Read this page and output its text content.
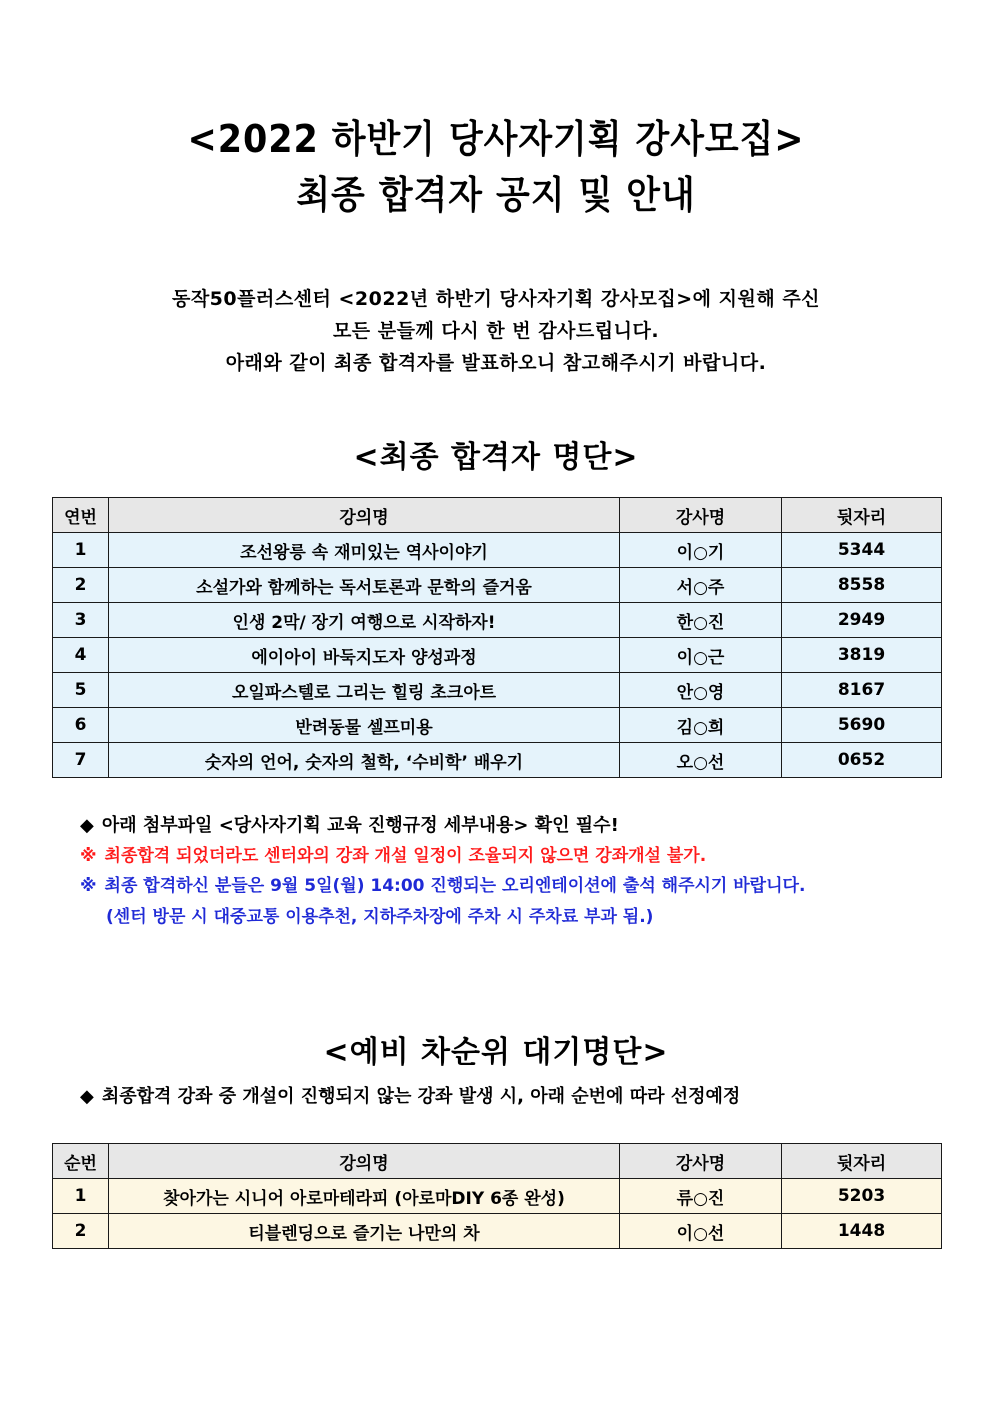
<2022 하반기 당사자기획 강사모집>
최종 합격자 공지 및 안내
동작50플러스센터 <2022년 하반기 당사자기획 강사모집>에 지원해 주신
모든 분들께 다시 한 번 감사드립니다.
아래와 같이 최종 합격자를 발표하오니 참고해주시기 바랍니다.
<최종 합격자 명단>
연번	강의명	강사명	뒷자리
1	조선왕릉 속 재미있는 역사이야기	이○기	5344
2	소설가와 함께하는 독서토론과 문학의 즐거움	서○주	8558
3	인생 2막/ 장기 여행으로 시작하자!	한○진	2949
4	에이아이 바둑지도자 양성과정	이○근	3819
5	오일파스텔로 그리는 힐링 초크아트	안○영	8167
6	반려동물 셀프미용	김○희	5690
7	숫자의 언어, 숫자의 철학, ‘수비학’ 배우기	오○선	0652
◆ 아래 첨부파일 <당사자기획 교육 진행규정 세부내용> 확인 필수!
※ 최종합격 되었더라도 센터와의 강좌 개설 일정이 조율되지 않으면 강좌개설 불가.
※ 최종 합격하신 분들은 9월 5일(월) 14:00 진행되는 오리엔테이션에 출석 해주시기 바랍니다.
(센터 방문 시 대중교통 이용추천, 지하주차장에 주차 시 주차료 부과 됨.)
<예비 차순위 대기명단>
◆ 최종합격 강좌 중 개설이 진행되지 않는 강좌 발생 시, 아래 순번에 따라 선정예정
순번	강의명	강사명	뒷자리
1	찾아가는 시니어 아로마테라피 (아로마DIY 6종 완성)	류○진	5203
2	티블렌딩으로 즐기는 나만의 차	이○선	1448
